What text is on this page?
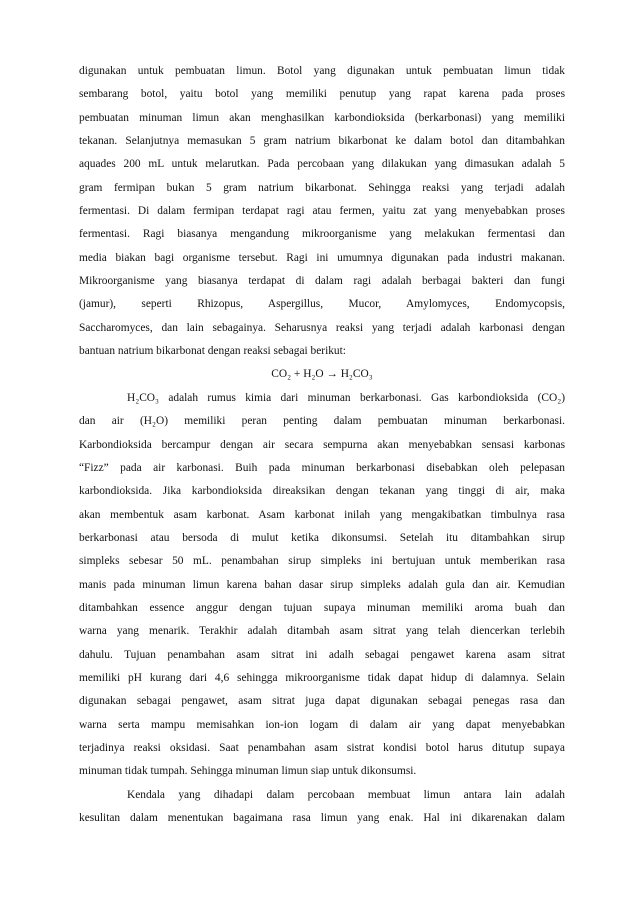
digunakan untuk pembuatan limun. Botol yang digunakan untuk pembuatan limun tidak
sembarang botol, yaitu botol yang memiliki penutup yang rapat karena pada proses
pembuatan minuman limun akan menghasilkan karbondioksida (berkarbonasi) yang memiliki
tekanan. Selanjutnya memasukan 5 gram natrium bikarbonat ke dalam botol dan ditambahkan
aquades 200 mL untuk melarutkan. Pada percobaan yang dilakukan yang dimasukan adalah 5
gram fermipan bukan 5 gram natrium bikarbonat. Sehingga reaksi yang terjadi adalah
fermentasi. Di dalam fermipan terdapat ragi atau fermen, yaitu zat yang menyebabkan proses
fermentasi. Ragi biasanya mengandung mikroorganisme yang melakukan fermentasi dan
media biakan bagi organisme tersebut. Ragi ini umumnya digunakan pada industri makanan.
Mikroorganisme yang biasanya terdapat di dalam ragi adalah berbagai bakteri dan fungi
(jamur), seperti Rhizopus, Aspergillus, Mucor, Amylomyces, Endomycopsis,
Saccharomyces, dan lain sebagainya. Seharusnya reaksi yang terjadi adalah karbonasi dengan
bantuan natrium bikarbonat dengan reaksi sebagai berikut:
CO₂ + H₂O → H₂CO₃
H₂CO₃ adalah rumus kimia dari minuman berkarbonasi. Gas karbondioksida (CO₂)
dan air (H₂O) memiliki peran penting dalam pembuatan minuman berkarbonasi.
Karbondioksida bercampur dengan air secara sempurna akan menyebabkan sensasi karbonas
“Fizz” pada air karbonasi. Buih pada minuman berkarbonasi disebabkan oleh pelepasan
karbondioksida. Jika karbondioksida direaksikan dengan tekanan yang tinggi di air, maka
akan membentuk asam karbonat. Asam karbonat inilah yang mengakibatkan timbulnya rasa
berkarbonasi atau bersoda di mulut ketika dikonsumsi. Setelah itu ditambahkan sirup
simpleks sebesar 50 mL. penambahan sirup simpleks ini bertujuan untuk memberikan rasa
manis pada minuman limun karena bahan dasar sirup simpleks adalah gula dan air. Kemudian
ditambahkan essence anggur dengan tujuan supaya minuman memiliki aroma buah dan
warna yang menarik. Terakhir adalah ditambah asam sitrat yang telah diencerkan terlebih
dahulu. Tujuan penambahan asam sitrat ini adalh sebagai pengawet karena asam sitrat
memiliki pH kurang dari 4,6 sehingga mikroorganisme tidak dapat hidup di dalamnya. Selain
digunakan sebagai pengawet, asam sitrat juga dapat digunakan sebagai penegas rasa dan
warna serta mampu memisahkan ion-ion logam di dalam air yang dapat menyebabkan
terjadinya reaksi oksidasi. Saat penambahan asam sistrat kondisi botol harus ditutup supaya
minuman tidak tumpah. Sehingga minuman limun siap untuk dikonsumsi.
Kendala yang dihadapi dalam percobaan membuat limun antara lain adalah
kesulitan dalam menentukan bagaimana rasa limun yang enak. Hal ini dikarenakan dalam
